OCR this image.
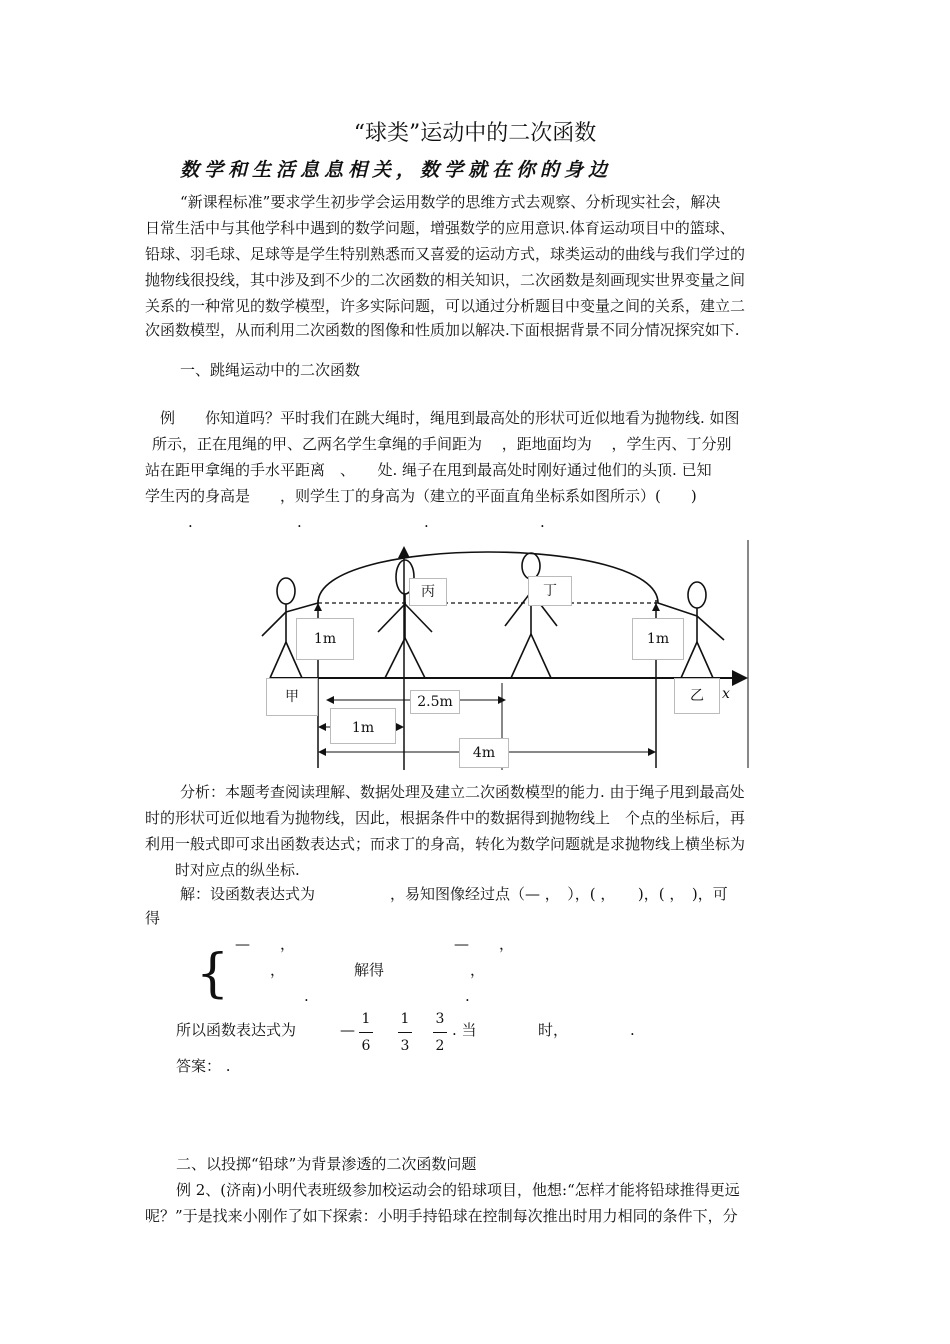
“球类”运动中的二次函数
数学和生活息息相关，数学就在你的身边
“新课程标准”要求学生初步学会运用数学的思维方式去观察、分析现实社会，解决
日常生活中与其他学科中遇到的数学问题，增强数学的应用意识.体育运动项目中的篮球、
铅球、羽毛球、足球等是学生特别熟悉而又喜爱的运动方式，球类运动的曲线与我们学过的
抛物线很投线，其中涉及到不少的二次函数的相关知识，二次函数是刻画现实世界变量之间
关系的一种常见的数学模型，许多实际问题，可以通过分析题目中变量之间的关系，建立二
次函数模型，从而利用二次函数的图像和性质加以解决.下面根据背景不同分情况探究如下.
一、跳绳运动中的二次函数
例　　你知道吗？平时我们在跳大绳时，绳甩到最高处的形状可近似地看为抛物线. 如图
所示，正在甩绳的甲、乙两名学生拿绳的手间距为　 ，距地面均为　 ，学生丙、丁分别
站在距甲拿绳的手水平距离　、　　处. 绳子在甩到最高处时刚好通过他们的头顶. 已知
学生丙的身高是　　，则学生丁的身高为（建立的平面直角坐标系如图所示）(　　)
.	.	.	.
丙	丁
1m	1m
甲	乙	x
2.5m
1m
4m
分析：本题考查阅读理解、数据处理及建立二次函数模型的能力. 由于绳子甩到最高处
时的形状可近似地看为抛物线，因此，根据条件中的数据得到抛物线上　个点的坐标后，再
利用一般式即可求出函数表达式；而求丁的身高，转化为数学问题就是求抛物线上横坐标为
时对应点的纵坐标.
解：设函数表达式为　　　　　，易知图像经过点（— ，　），( ，　　)，( ，　)，可
得
{ —　　，	—　　，
，	解得	，
.	.
所以函数表达式为	—
1
6
1
3
3
2
. 当	时，	.
答案： .
二、以投掷“铅球”为背景渗透的二次函数问题
例 2、(济南)小明代表班级参加校运动会的铅球项目，他想:“怎样才能将铅球推得更远
呢？”于是找来小刚作了如下探索：小明手持铅球在控制每次推出时用力相同的条件下，分
